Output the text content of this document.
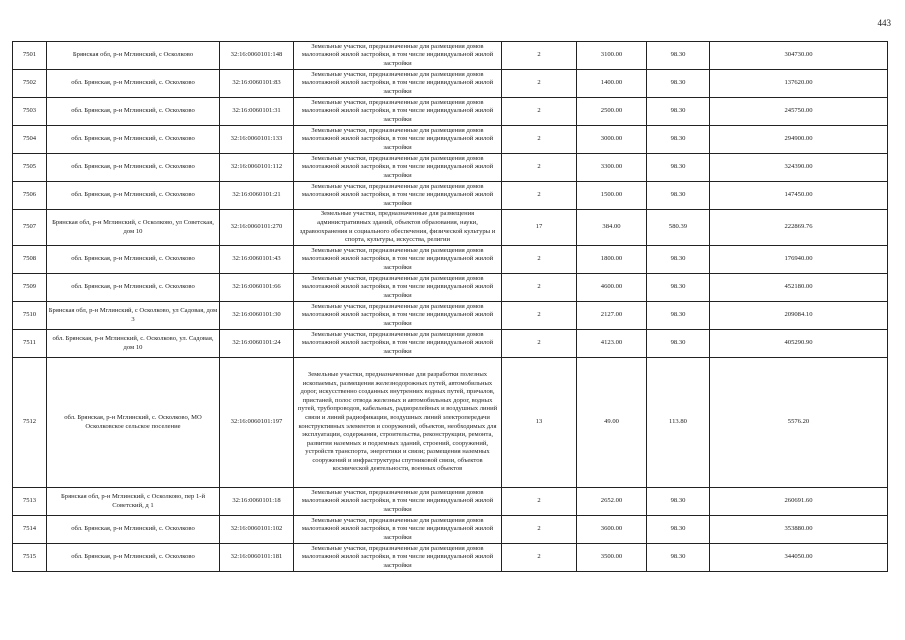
443
7501	Брянская обл, р-н Мглинский, с Осколково	32:16:0060101:148	Земельные участки, предназначенные для размещения домов малоэтажной жилой застройки, в том числе индивидуальной жилой застройки	2	3100.00	98.30	304730.00
7502	обл. Брянская, р-н Мглинский, с. Осколково	32:16:0060101:83	Земельные участки, предназначенные для размещения домов малоэтажной жилой застройки, в том числе индивидуальной жилой застройки	2	1400.00	98.30	137620.00
7503	обл. Брянская, р-н Мглинский, с. Осколково	32:16:0060101:31	Земельные участки, предназначенные для размещения домов малоэтажной жилой застройки, в том числе индивидуальной жилой застройки	2	2500.00	98.30	245750.00
7504	обл. Брянская, р-н Мглинский, с. Осколково	32:16:0060101:133	Земельные участки, предназначенные для размещения домов малоэтажной жилой застройки, в том числе индивидуальной жилой застройки	2	3000.00	98.30	294900.00
7505	обл. Брянская, р-н Мглинский, с. Осколково	32:16:0060101:112	Земельные участки, предназначенные для размещения домов малоэтажной жилой застройки, в том числе индивидуальной жилой застройки	2	3300.00	98.30	324390.00
7506	обл. Брянская, р-н Мглинский, с. Осколково	32:16:0060101:21	Земельные участки, предназначенные для размещения домов малоэтажной жилой застройки, в том числе индивидуальной жилой застройки	2	1500.00	98.30	147450.00
7507	Брянская обл, р-н Мглинский, с Осколково, ул Советская, дом 10	32:16:0060101:270	Земельные участки, предназначенные для размещения административных зданий, объектов образования, науки, здравоохранения и социального обеспечения, физической культуры и спорта, культуры, искусства, религии	17	384.00	580.39	222869.76
7508	обл. Брянская, р-н Мглинский, с. Осколково	32:16:0060101:43	Земельные участки, предназначенные для размещения домов малоэтажной жилой застройки, в том числе индивидуальной жилой застройки	2	1800.00	98.30	176940.00
7509	обл. Брянская, р-н Мглинский, с. Осколково	32:16:0060101:66	Земельные участки, предназначенные для размещения домов малоэтажной жилой застройки, в том числе индивидуальной жилой застройки	2	4600.00	98.30	452180.00
7510	Брянская обл, р-н Мглинский, с Осколково, ул Садовая, дом 3	32:16:0060101:30	Земельные участки, предназначенные для размещения домов малоэтажной жилой застройки, в том числе индивидуальной жилой застройки	2	2127.00	98.30	209084.10
7511	обл. Брянская, р-н Мглинский, с. Осколково, ул. Садовая, дом 10	32:16:0060101:24	Земельные участки, предназначенные для размещения домов малоэтажной жилой застройки, в том числе индивидуальной жилой застройки	2	4123.00	98.30	405290.90
7512	обл. Брянская, р-н Мглинский, с. Осколково, МО Осколковское сельское поселение	32:16:0060101:197	Земельные участки, предназначенные для разработки полезных ископаемых, размещения железнодорожных путей, автомобильных дорог, искусственно созданных внутренних водных путей, причалов, пристаней, полос отвода железных и автомобильных дорог, водных путей, трубопроводов, кабельных, радиорелейных и воздушных линий связи и линий радиофикации, воздушных линий электропередачи конструктивных элементов и сооружений, объектов, необходимых для эксплуатации, содержания, строительства, реконструкции, ремонта, развития наземных и подземных зданий, строений, сооружений, устройств транспорта, энергетики и связи; размещения наземных сооружений и инфраструктуры спутниковой связи, объектов космической деятельности, военных объектов	13	49.00	113.80	5576.20
7513	Брянская обл, р-н Мглинский, с Осколково, пер 1-й Советский, д 1	32:16:0060101:18	Земельные участки, предназначенные для размещения домов малоэтажной жилой застройки, в том числе индивидуальной жилой застройки	2	2652.00	98.30	260691.60
7514	обл. Брянская, р-н Мглинский, с. Осколково	32:16:0060101:102	Земельные участки, предназначенные для размещения домов малоэтажной жилой застройки, в том числе индивидуальной жилой застройки	2	3600.00	98.30	353880.00
7515	обл. Брянская, р-н Мглинский, с. Осколково	32:16:0060101:181	Земельные участки, предназначенные для размещения домов малоэтажной жилой застройки, в том числе индивидуальной жилой застройки	2	3500.00	98.30	344050.00
